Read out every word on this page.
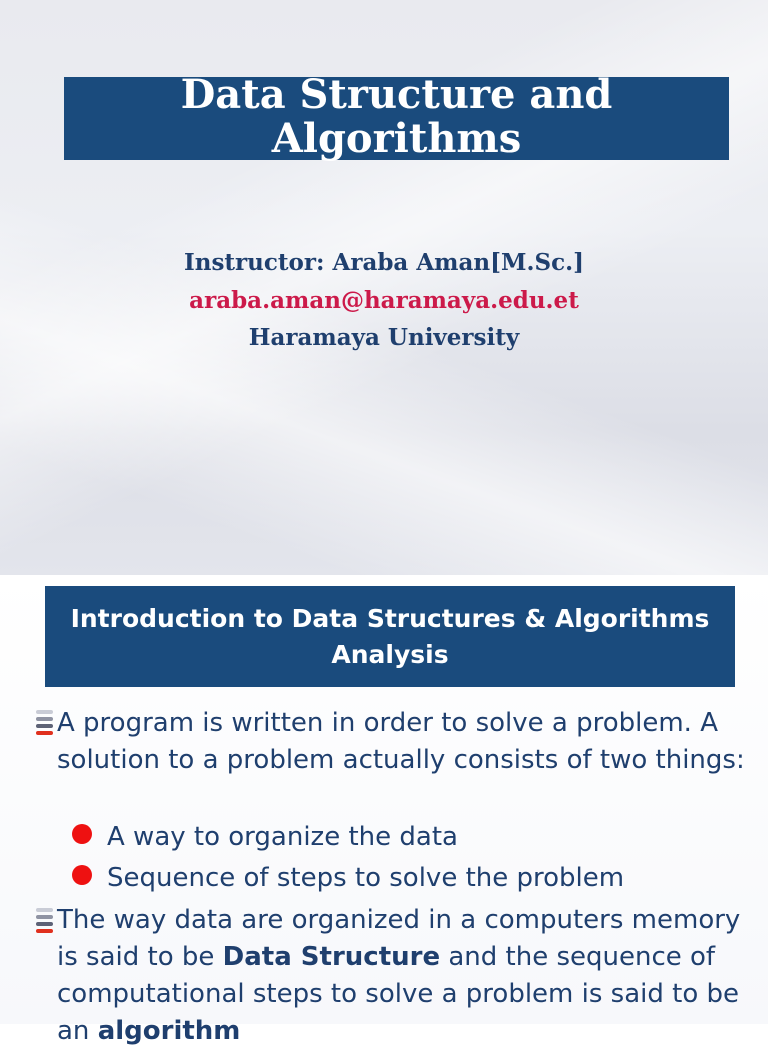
Data Structure and Algorithms
Instructor: Araba Aman[M.Sc.]
araba.aman@haramaya.edu.et
Haramaya University
Introduction to Data Structures & Algorithms Analysis
A program is written in order to solve a problem. A solution to a problem actually consists of two things:
A way to organize the data
Sequence of steps to solve the problem
The way data are organized in a computers memory is said to be Data Structure and the sequence of computational steps to solve a problem is said to be an algorithm
